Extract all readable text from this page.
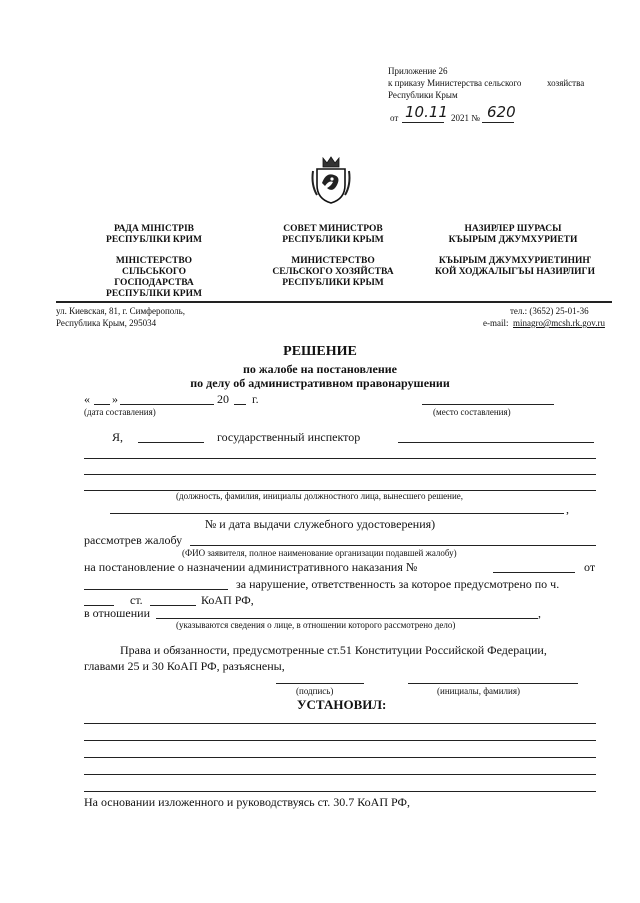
Приложение 26
к приказу Министерства сельского	хозяйства
Республики Крым
от 10.11 2021 № 620
РАДА МІНІСТРІВ
РЕСПУБЛІКИ КРИМ
СОВЕТ МИНИСТРОВ
РЕСПУБЛИКИ КРЫМ
НАЗИРЛЕР ШУРАСЫ
КЪЫРЫМ ДЖУМХУРИЕТИ
МІНІСТЕРСТВО
СІЛЬСЬКОГО
ГОСПОДАРСТВА
РЕСПУБЛІКИ КРИМ
МИНИСТЕРСТВО
СЕЛЬСКОГО ХОЗЯЙСТВА
РЕСПУБЛИКИ КРЫМ
КЪЫРЫМ ДЖУМХУРИЕТИНИҤ
КОЙ ХОДЖАЛЫГЪЫ НАЗИРЛИГИ
ул. Киевская, 81, г. Симферополь,
Республика Крым, 295034
тел.: (3652) 25-01-36
e-mail: minagro@mcsh.rk.gov.ru
РЕШЕНИЕ
по жалобе на постановление
по делу об административном правонарушении
« »	20 г.
(дата составления)	(место составления)
Я,	государственный инспектор
(должность, фамилия, инициалы должностного лица, вынесшего решение,
,
№ и дата выдачи служебного удостоверения)
рассмотрев жалобу
(ФИО заявителя, полное наименование организации подавшей жалобу)
на постановление о назначении административного наказания №	от
за нарушение, ответственность за которое предусмотрено по ч.
ст.	КоАП РФ,
в отношении	,
(указываются сведения о лице, в отношении которого рассмотрено дело)
Права и обязанности, предусмотренные ст.51 Конституции Российской Федерации,
главами 25 и 30 КоАП РФ, разъяснены,
(подпись)	(инициалы, фамилия)
УСТАНОВИЛ:
На основании изложенного и руководствуясь ст. 30.7 КоАП РФ,
